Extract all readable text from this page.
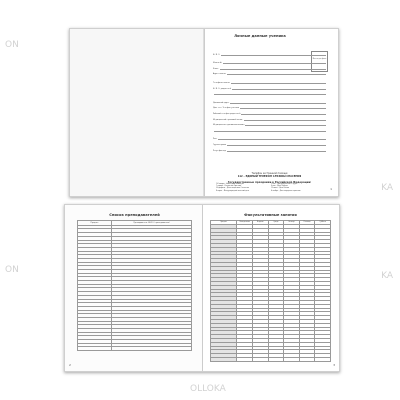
ON
KA
ON
KA
OLLOKA
Личные данные ученика
Место для фото
Ф. И. О.
Школа №
Класс
Адрес школы
Телефоны школы
Ф. И. О. родителей
Домашний адрес
Дом. тел. Телефон ученика
Рабочий телефон родителей
Медицинский страховой полис
Медицинские противопоказания
Рост
Группа крови
Резус-фактор
Телефон экстренной помощи
112 – ЕДИНЫЙ ТЕЛЕФОН СЛУЖБЫ СПАСЕНИЯ
Государственные праздники в Российской Федерации:
1-8 января – Новогодние каникулы	1 мая – Праздник Весны и Труда
7 января – Рождество Христово	9 мая – День Победы
23 февраля – День защитника Отечества	12 июня – День России
8 марта – Международный женский день	4 ноября – День народного единства
1
Список преподавателей
Предмет	Преподаватель (Ф.И.О.) преподавателя)

2
Факультативные занятия
Предмет	Понедельник	Вторник	Среда	Четверг	Пятница	Суббота

3
